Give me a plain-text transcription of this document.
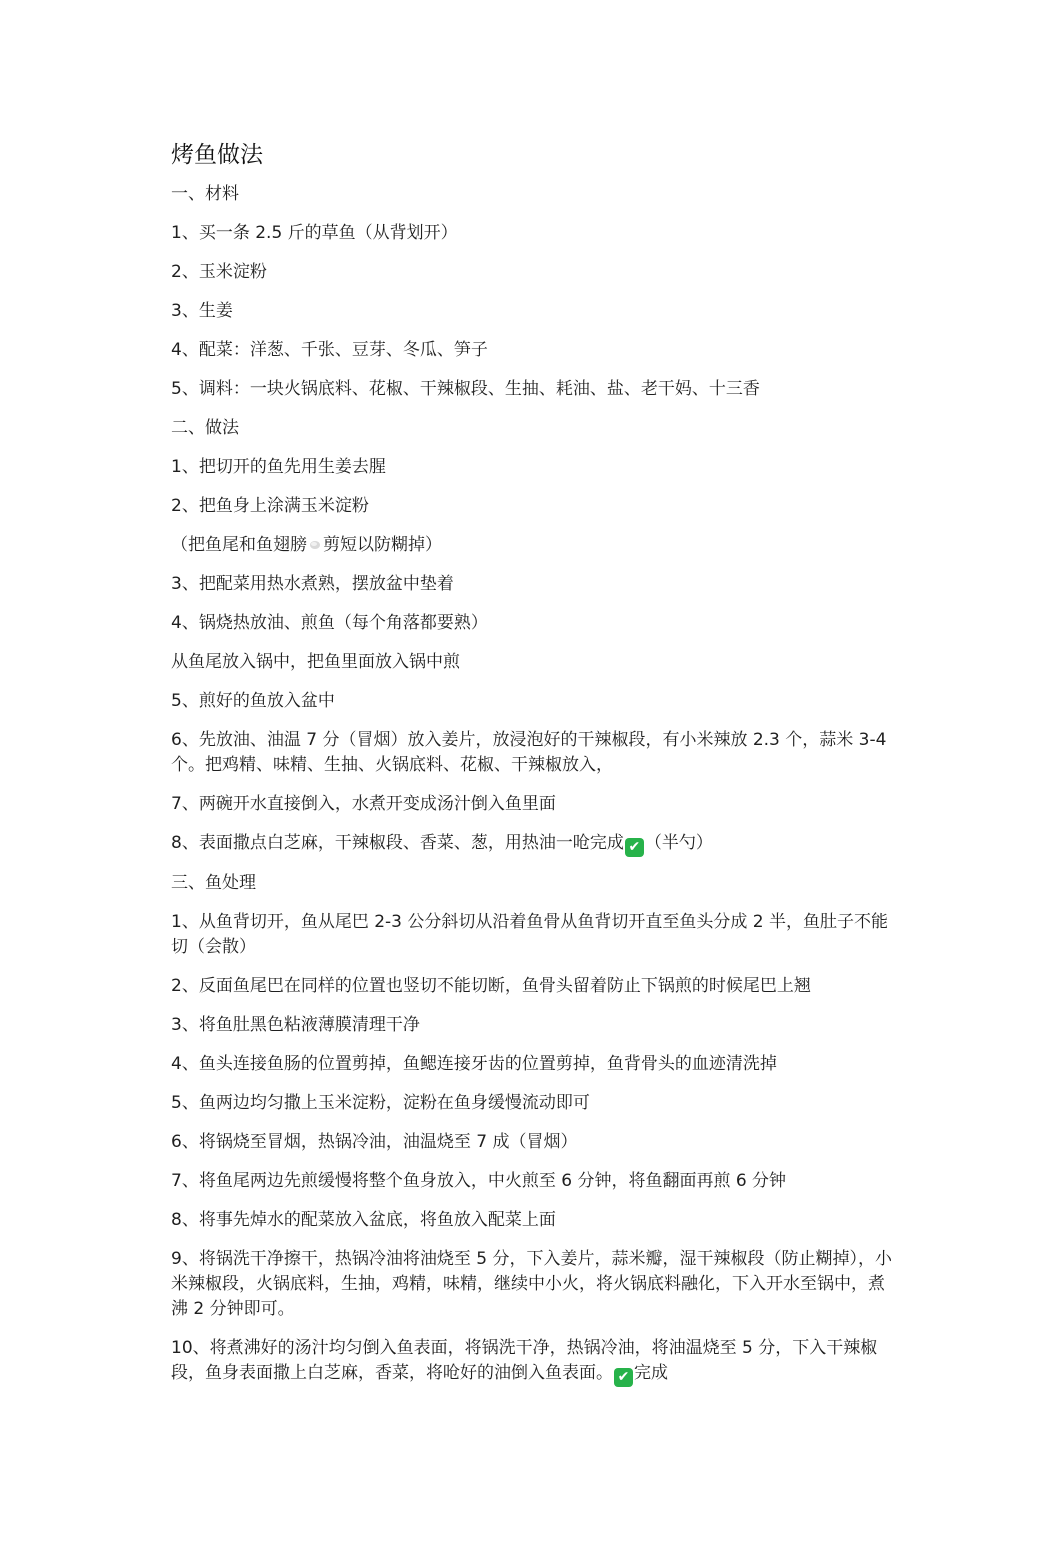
烤鱼做法
一、材料
1、买一条 2.5 斤的草鱼（从背划开）
2、玉米淀粉
3、生姜
4、配菜：洋葱、千张、豆芽、冬瓜、笋子
5、调料：一块火锅底料、花椒、干辣椒段、生抽、耗油、盐、老干妈、十三香
二、做法
1、把切开的鱼先用生姜去腥
2、把鱼身上涂满玉米淀粉
（把鱼尾和鱼翅膀 剪短以防糊掉）
3、把配菜用热水煮熟，摆放盆中垫着
4、锅烧热放油、煎鱼（每个角落都要熟）
从鱼尾放入锅中，把鱼里面放入锅中煎
5、煎好的鱼放入盆中
6、先放油、油温 7 分（冒烟）放入姜片，放浸泡好的干辣椒段，有小米辣放 2.3 个，蒜米 3-4 个。把鸡精、味精、生抽、火锅底料、花椒、干辣椒放入，
7、两碗开水直接倒入，水煮开变成汤汁倒入鱼里面
8、表面撒点白芝麻，干辣椒段、香菜、葱，用热油一呛完成 ✔ （半勺）
三、鱼处理
1、从鱼背切开，鱼从尾巴 2-3 公分斜切从沿着鱼骨从鱼背切开直至鱼头分成 2 半，鱼肚子不能切（会散）
2、反面鱼尾巴在同样的位置也竖切不能切断，鱼骨头留着防止下锅煎的时候尾巴上翘
3、将鱼肚黑色粘液薄膜清理干净
4、鱼头连接鱼肠的位置剪掉，鱼鳃连接牙齿的位置剪掉，鱼背骨头的血迹清洗掉
5、鱼两边均匀撒上玉米淀粉，淀粉在鱼身缓慢流动即可
6、将锅烧至冒烟，热锅冷油，油温烧至 7 成（冒烟）
7、将鱼尾两边先煎缓慢将整个鱼身放入，中火煎至 6 分钟，将鱼翻面再煎 6 分钟
8、将事先焯水的配菜放入盆底，将鱼放入配菜上面
9、将锅洗干净擦干，热锅冷油将油烧至 5 分，下入姜片，蒜米瓣，湿干辣椒段（防止糊掉），小米辣椒段，火锅底料，生抽，鸡精，味精，继续中小火，将火锅底料融化，下入开水至锅中，煮沸 2 分钟即可。
10、将煮沸好的汤汁均匀倒入鱼表面，将锅洗干净，热锅冷油，将油温烧至 5 分，下入干辣椒段，鱼身表面撒上白芝麻，香菜，将呛好的油倒入鱼表面。 ✔ 完成
